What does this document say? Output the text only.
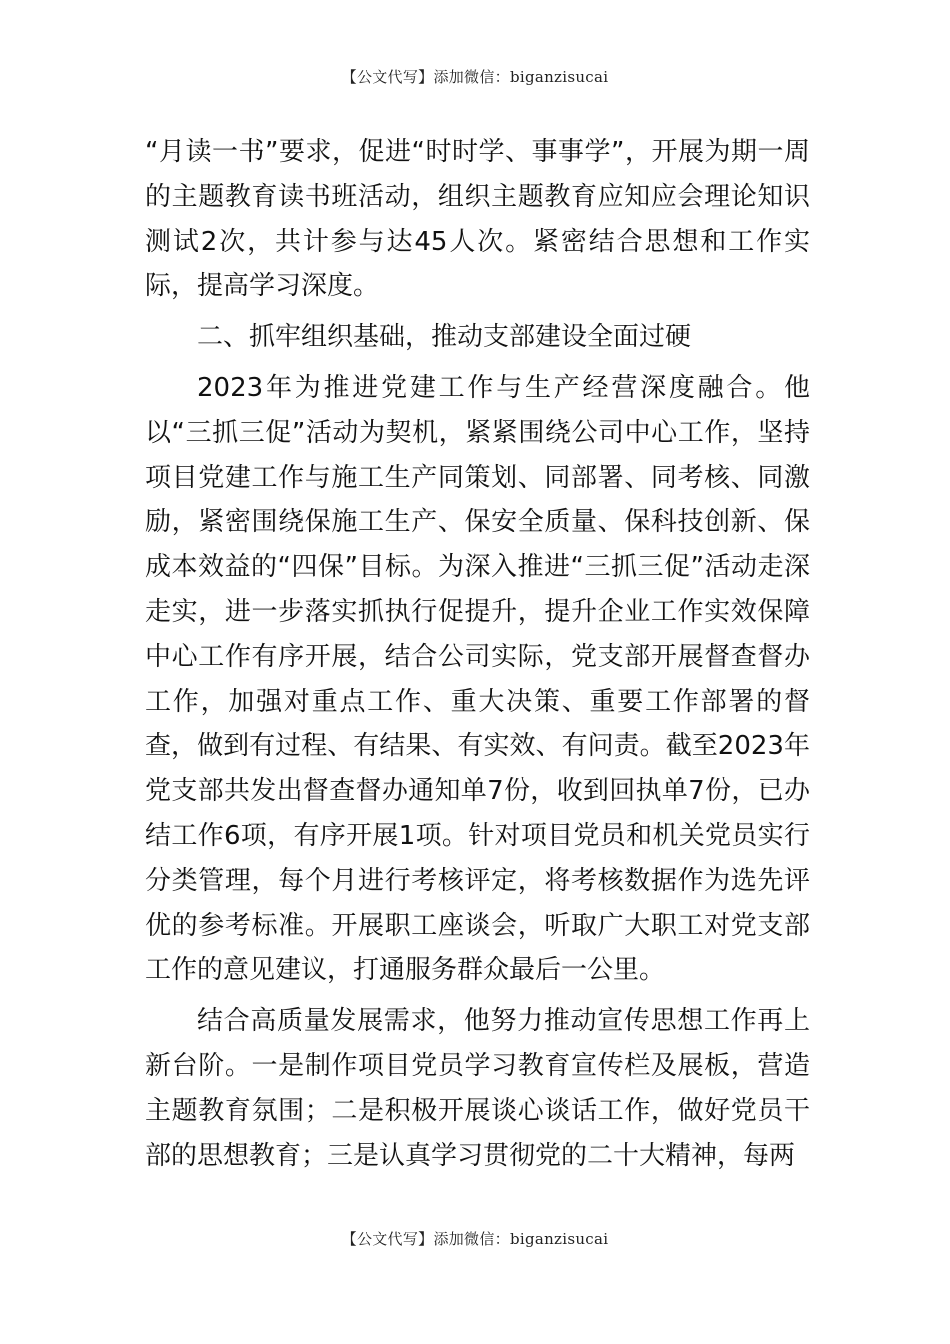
【公文代写】添加微信：biganzisucai

“月读一书”要求，促进“时时学、事事学”，开展为期一周的主题教育读书班活动，组织主题教育应知应会理论知识测试2次，共计参与达45人次。紧密结合思想和工作实际，提高学习深度。

二、抓牢组织基础，推动支部建设全面过硬

2023年为推进党建工作与生产经营深度融合。他以“三抓三促”活动为契机，紧紧围绕公司中心工作，坚持项目党建工作与施工生产同策划、同部署、同考核、同激励，紧密围绕保施工生产、保安全质量、保科技创新、保成本效益的“四保”目标。为深入推进“三抓三促”活动走深走实，进一步落实抓执行促提升，提升企业工作实效保障中心工作有序开展，结合公司实际，党支部开展督查督办工作，加强对重点工作、重大决策、重要工作部署的督查，做到有过程、有结果、有实效、有问责。截至2023年党支部共发出督查督办通知单7份，收到回执单7份，已办结工作6项，有序开展1项。针对项目党员和机关党员实行分类管理，每个月进行考核评定，将考核数据作为选先评优的参考标准。开展职工座谈会，听取广大职工对党支部工作的意见建议，打通服务群众最后一公里。

结合高质量发展需求，他努力推动宣传思想工作再上新台阶。一是制作项目党员学习教育宣传栏及展板，营造主题教育氛围；二是积极开展谈心谈话工作，做好党员干部的思想教育；三是认真学习贯彻党的二十大精神，每两

【公文代写】添加微信：biganzisucai
